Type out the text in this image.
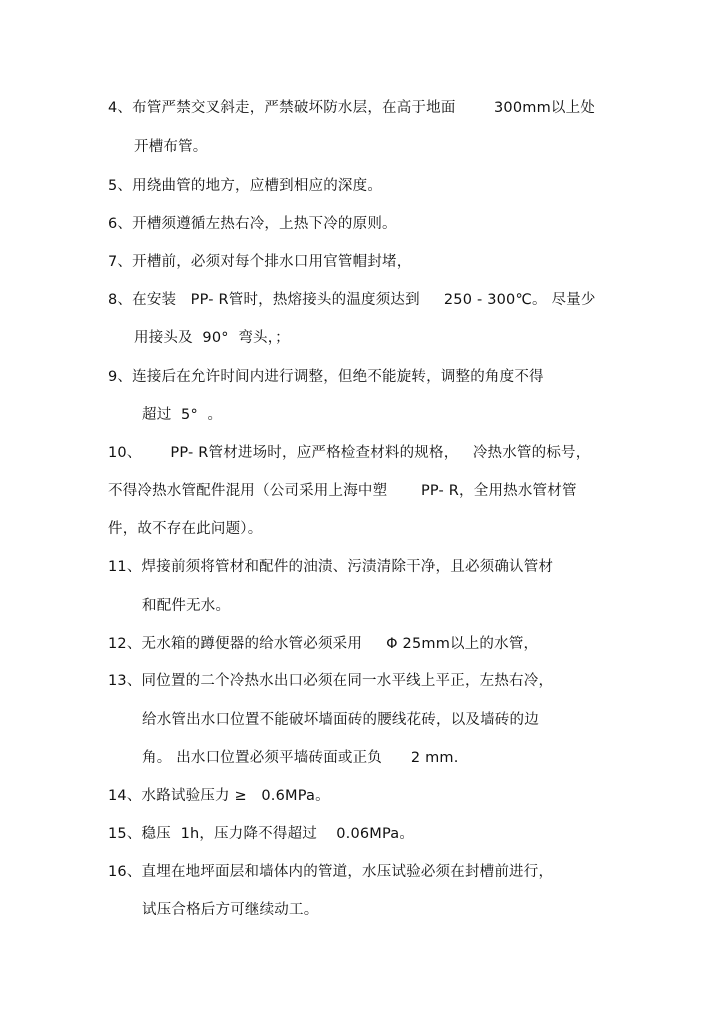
4、布管严禁交叉斜走，严禁破坏防水层，在高于地面        300mm以上处
开槽布管。
5、用绕曲管的地方，应槽到相应的深度。
6、开槽须遵循左热右冷，上热下冷的原则。
7、开槽前，必须对每个排水口用官管帽封堵，
8、在安装   PP- R管时，热熔接头的温度须达到     250 - 300℃。 尽量少
用接头及  90°  弯头，；
9、连接后在允许时间内进行调整，但绝不能旋转，调整的角度不得
超过  5°  。
10、      PP- R管材进场时，应严格检查材料的规格，   冷热水管的标号，
不得冷热水管配件混用（公司采用上海中塑       PP- R，全用热水管材管
件，故不存在此问题）。
11、焊接前须将管材和配件的油渍、污渍清除干净，且必须确认管材
和配件无水。
12、无水箱的蹲便器的给水管必须采用     Φ 25mm以上的水管，
13、同位置的二个冷热水出口必须在同一水平线上平正，左热右冷，
给水管出水口位置不能破坏墙面砖的腰线花砖，以及墙砖的边
角。 出水口位置必须平墙砖面或正负      2 mm.
14、水路试验压力 ≥   0.6MPa。
15、稳压  1h，压力降不得超过    0.06MPa。
16、直埋在地坪面层和墙体内的管道，水压试验必须在封槽前进行，
试压合格后方可继续动工。
